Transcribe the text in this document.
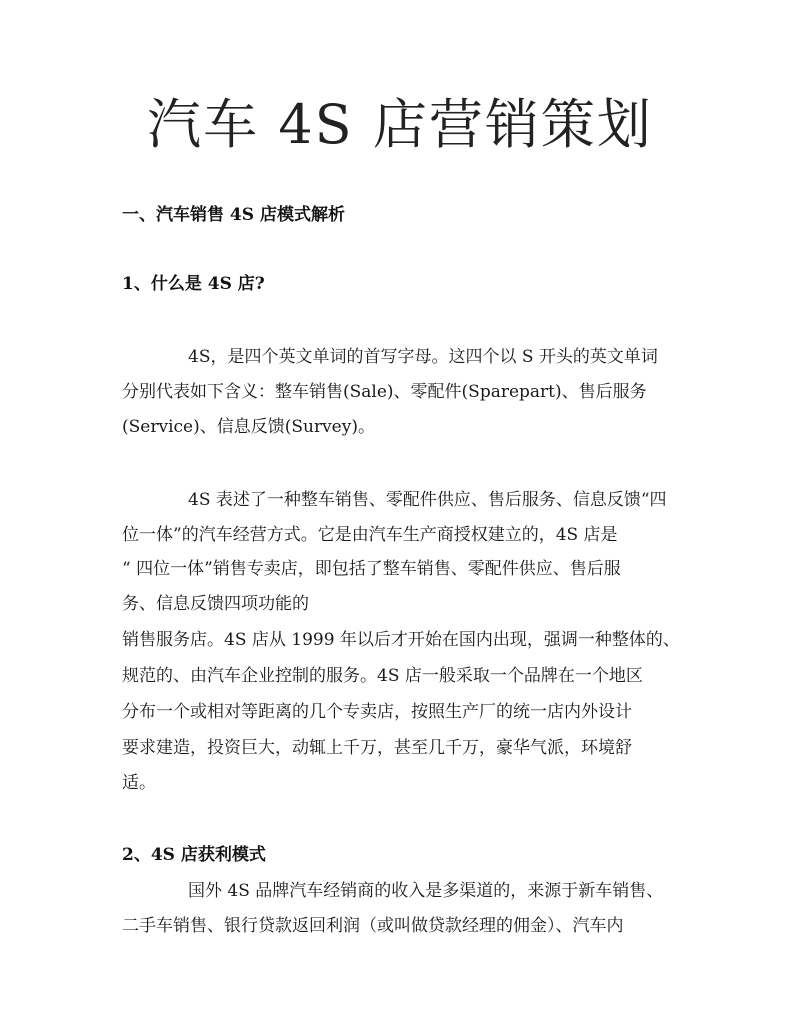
汽车 4S 店营销策划
一、汽车销售 4S 店模式解析
1、什么是 4S 店?
4S，是四个英文单词的首写字母。这四个以 S 开头的英文单词
分别代表如下含义：整车销售(Sale)、零配件(Sparepart)、售后服务
(Service)、信息反馈(Survey)。
4S 表述了一种整车销售、零配件供应、售后服务、信息反馈“四
位一体”的汽车经营方式。它是由汽车生产商授权建立的，4S 店是
“ 四位一体”销售专卖店，即包括了整车销售、零配件供应、售后服
务、信息反馈四项功能的
销售服务店。4S 店从 1999 年以后才开始在国内出现，强调一种整体的、
规范的、由汽车企业控制的服务。4S 店一般采取一个品牌在一个地区
分布一个或相对等距离的几个专卖店，按照生产厂的统一店内外设计
要求建造，投资巨大，动辄上千万，甚至几千万，豪华气派，环境舒
适。
2、4S 店获利模式
国外 4S 品牌汽车经销商的收入是多渠道的，来源于新车销售、
二手车销售、银行贷款返回利润（或叫做贷款经理的佣金）、汽车内
